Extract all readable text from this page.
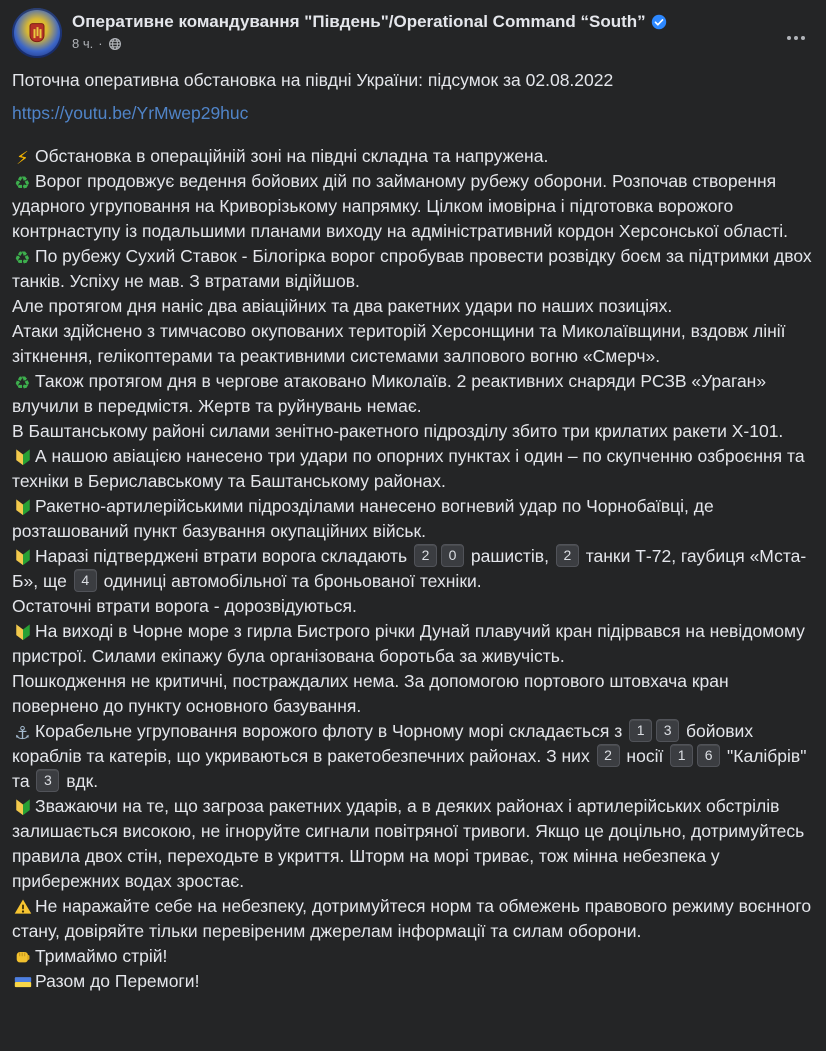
Оперативне командування "Південь"/Operational Command “South”
8 ч. ·
Поточна оперативна обстановка на півдні України: підсумок за 02.08.2022
https://youtu.be/YrMwep29huc
⚡ Обстановка в операційній зоні на півдні складна та напружена.
♻ Ворог продовжує ведення бойових дій по займаному рубежу оборони. Розпочав створення ударного угруповання на Криворізькому напрямку. Цілком імовірна і підготовка ворожого контрнаступу із подальшими планами виходу на адміністративний кордон Херсонської області.
♻ По рубежу Сухий Ставок - Білогірка ворог спробував провести розвідку боєм за підтримки двох танків. Успіху не мав. З втратами відійшов.
Але протягом дня наніс два авіаційних та два ракетних удари по наших позиціях.
Атаки здійснено з тимчасово окупованих територій Херсонщини та Миколаївщини, вздовж лінії зіткнення, гелікоптерами та реактивними системами залпового вогню «Смерч».
♻ Також протягом дня в чергове атаковано Миколаїв. 2 реактивних снаряди РСЗВ «Ураган» влучили в передмістя. Жертв та руйнувань немає.
В Баштанському районі силами зенітно-ракетного підрозділу збито три крилатих ракети Х-101.
А нашою авіацією нанесено три удари по опорних пунктах і один – по скупченню озброєння та техніки в Бериславському та Баштанському районах.
Ракетно-артилерійськими підрозділами нанесено вогневий удар по Чорнобаївці, де розташований пункт базування окупаційних військ.
Наразі підтверджені втрати ворога складають 2 0 рашистів, 2 танки Т-72, гаубиця «Мста-Б», ще 4 одиниці автомобільної та броньованої техніки.
Остаточні втрати ворога - дорозвідуються.
На виході в Чорне море з гирла Бистрого річки Дунай плавучий кран підірвався на невідомому пристрої. Силами екіпажу була організована боротьба за живучість.
Пошкодження не критичні, постраждалих нема. За допомогою портового штовхача кран повернено до пункту основного базування.
⚓ Корабельне угруповання ворожого флоту в Чорному морі складається з 1 3 бойових кораблів та катерів, що укриваються в ракетобезпечних районах. З них 2 носії 1 6 "Калібрів" та 3 вдк.
Зважаючи на те, що загроза ракетних ударів, а в деяких районах і артилерійських обстрілів залишається високою, не ігноруйте сигнали повітряної тривоги. Якщо це доцільно, дотримуйтесь правила двох стін, переходьте в укриття. Шторм на морі триває, тож мінна небезпека у прибережних водах зростає.
Не наражайте себе на небезпеку, дотримуйтеся норм та обмежень правового режиму воєнного стану, довіряйте тільки перевіреним джерелам інформації та силам оборони.
Тримаймо стрій!
Разом до Перемоги!
